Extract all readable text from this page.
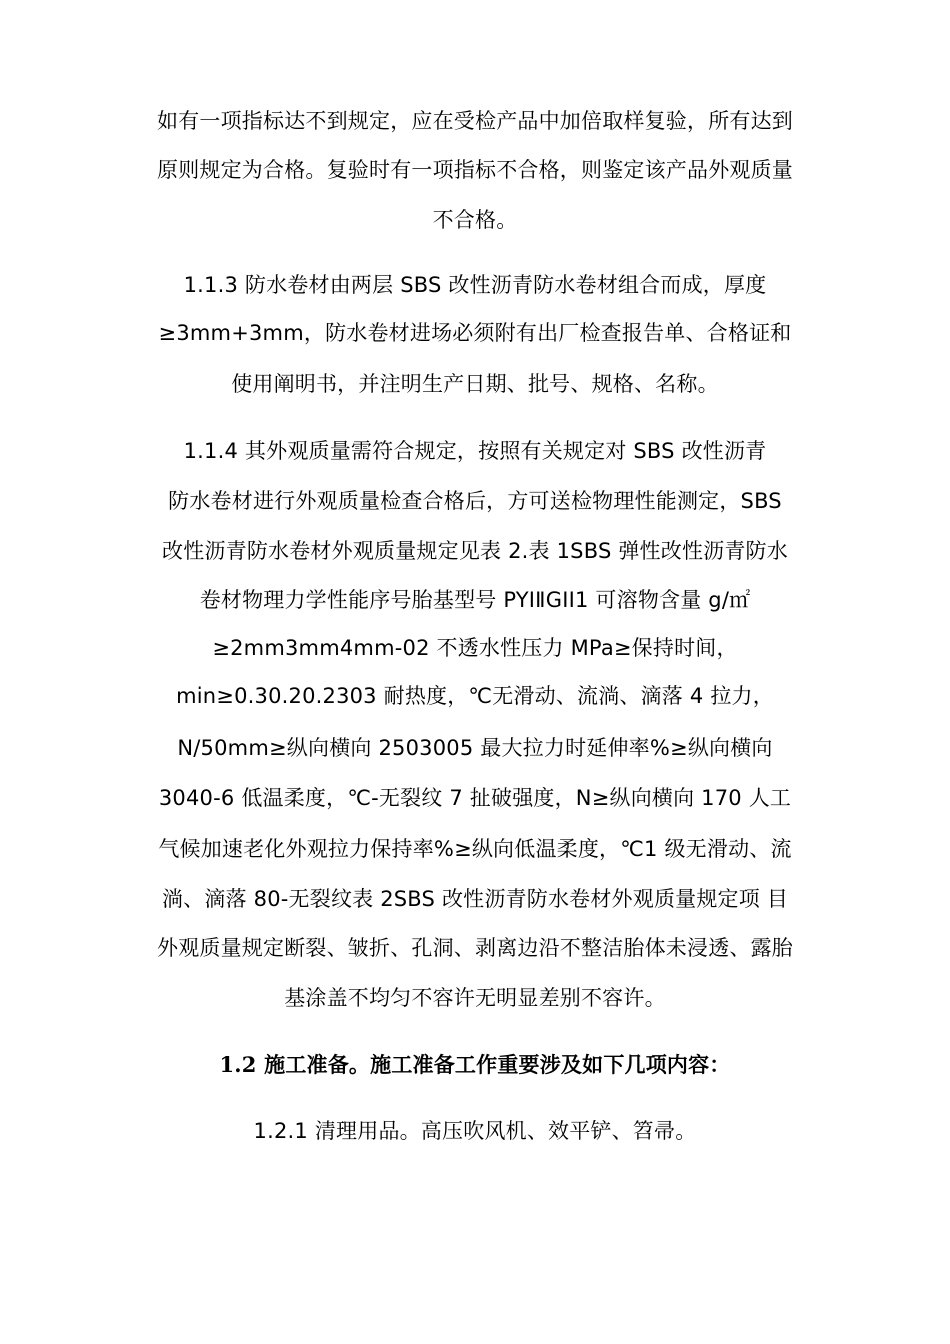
如有一项指标达不到规定，应在受检产品中加倍取样复验，所有达到
原则规定为合格。复验时有一项指标不合格，则鉴定该产品外观质量
不合格。
1.1.3 防水卷材由两层 SBS 改性沥青防水卷材组合而成，厚度
≥3mm+3mm，防水卷材进场必须附有出厂检查报告单、合格证和
使用阐明书，并注明生产日期、批号、规格、名称。
1.1.4 其外观质量需符合规定，按照有关规定对 SBS 改性沥青
防水卷材进行外观质量检查合格后，方可送检物理性能测定，SBS
改性沥青防水卷材外观质量规定见表 2.表 1SBS 弹性改性沥青防水
卷材物理力学性能序号胎基型号 PYⅠⅡGⅠⅠ1 可溶物含量 g/㎡
≥2mm3mm4mm-02 不透水性压力 MPa≥保持时间，
min≥0.30.20.2303 耐热度，℃无滑动、流淌、滴落 4 拉力，
N/50mm≥纵向横向 2503005 最大拉力时延伸率%≥纵向横向
3040-6 低温柔度，℃-无裂纹 7 扯破强度，N≥纵向横向 170 人工
气候加速老化外观拉力保持率%≥纵向低温柔度，℃1 级无滑动、流
淌、滴落 80-无裂纹表 2SBS 改性沥青防水卷材外观质量规定项 目
外观质量规定断裂、皱折、孔洞、剥离边沿不整洁胎体未浸透、露胎
基涂盖不均匀不容许无明显差别不容许。
1.2 施工准备。施工准备工作重要涉及如下几项内容：
1.2.1 清理用品。高压吹风机、效平铲、笤帚。
